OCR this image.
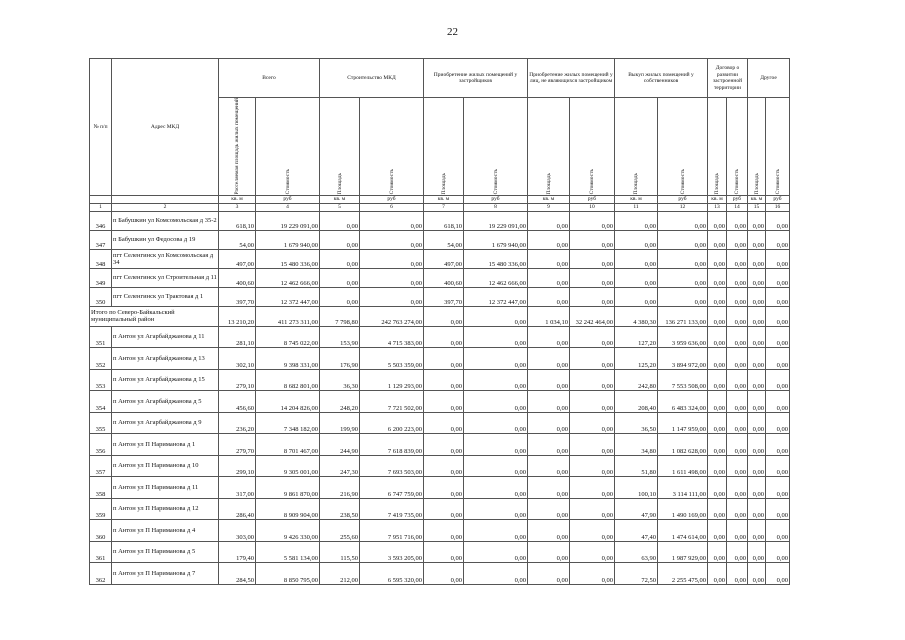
22
№ п/п	Адрес МКД	Всего		Строительство МКД		Приобретение жилых помещений у застройщиков		Приобретение жилых помещений у лиц, не являющихся застройщиком		Выкуп жилых помещений у собственников		Договор о развитии застроенной территории		Другое	

		Расселяемая площадь жилых помещений	Стоимость	Площадь	Стоимость	Площадь	Стоимость	Площадь	Стоимость	Площадь	Стоимость	Площадь	Стоимость	Площадь	Стоимость

		кв. м	руб	кв. м	руб	кв. м	руб	кв. м	руб	кв. м	руб	кв. м	руб	кв. м	руб
1	2	3	4	5	6	7	8	9	10	11	12	13	14	15	16
346	п Бабушкин ул Комсомольская д 35-2	618,10	19 229 091,00	0,00	0,00	618,10	19 229 091,00	0,00	0,00	0,00	0,00	0,00	0,00	0,00	0,00
347	п Бабушкин ул Федосова д 19	54,00	1 679 940,00	0,00	0,00	54,00	1 679 940,00	0,00	0,00	0,00	0,00	0,00	0,00	0,00	0,00
348	пгт Селенгинск ул Комсомольская д 34	497,00	15 480 336,00	0,00	0,00	497,00	15 480 336,00	0,00	0,00	0,00	0,00	0,00	0,00	0,00	0,00
349	пгт Селенгинск ул Строительная д 11	400,60	12 462 666,00	0,00	0,00	400,60	12 462 666,00	0,00	0,00	0,00	0,00	0,00	0,00	0,00	0,00
350	пгт Селенгинск ул Трактовая д 1	397,70	12 372 447,00	0,00	0,00	397,70	12 372 447,00	0,00	0,00	0,00	0,00	0,00	0,00	0,00	0,00
Итого по Северо-Байкальский муниципальный район		13 210,20	411 273 311,00	7 798,80	242 763 274,00	0,00	0,00	1 034,10	32 242 464,00	4 380,30	136 271 133,00	0,00	0,00	0,00	0,00
351	п Антон ул Агарбайджанова д 11	281,10	8 745 022,00	153,90	4 715 383,00	0,00	0,00	0,00	0,00	127,20	3 959 636,00	0,00	0,00	0,00	0,00
352	п Антон ул Агарбайджанова д 13	302,10	9 398 331,00	176,90	5 503 359,00	0,00	0,00	0,00	0,00	125,20	3 894 972,00	0,00	0,00	0,00	0,00
353	п Антон ул Агарбайджанова д 15	279,10	8 682 801,00	36,30	1 129 293,00	0,00	0,00	0,00	0,00	242,80	7 553 508,00	0,00	0,00	0,00	0,00
354	п Антон ул Агарбайджанова д 5	456,60	14 204 826,00	248,20	7 721 502,00	0,00	0,00	0,00	0,00	208,40	6 483 324,00	0,00	0,00	0,00	0,00
355	п Антон ул Агарбайджанова д 9	236,20	7 348 182,00	199,90	6 200 223,00	0,00	0,00	0,00	0,00	36,50	1 147 959,00	0,00	0,00	0,00	0,00
356	п Антон ул П Нариманова д 1	279,70	8 701 467,00	244,90	7 618 839,00	0,00	0,00	0,00	0,00	34,80	1 082 628,00	0,00	0,00	0,00	0,00
357	п Антон ул П Нариманова д 10	299,10	9 305 001,00	247,30	7 693 503,00	0,00	0,00	0,00	0,00	51,80	1 611 498,00	0,00	0,00	0,00	0,00
358	п Антон ул П Нариманова д 11	317,00	9 861 870,00	216,90	6 747 759,00	0,00	0,00	0,00	0,00	100,10	3 114 111,00	0,00	0,00	0,00	0,00
359	п Антон ул П Нариманова д 12	286,40	8 909 904,00	238,50	7 419 735,00	0,00	0,00	0,00	0,00	47,90	1 490 169,00	0,00	0,00	0,00	0,00
360	п Антон ул П Нариманова д 4	303,00	9 426 330,00	255,60	7 951 716,00	0,00	0,00	0,00	0,00	47,40	1 474 614,00	0,00	0,00	0,00	0,00
361	п Антон ул П Нариманова д 5	179,40	5 581 134,00	115,50	3 593 205,00	0,00	0,00	0,00	0,00	63,90	1 987 929,00	0,00	0,00	0,00	0,00
362	п Антон ул П Нариманова д 7	284,50	8 850 795,00	212,00	6 595 320,00	0,00	0,00	0,00	0,00	72,50	2 255 475,00	0,00	0,00	0,00	0,00
